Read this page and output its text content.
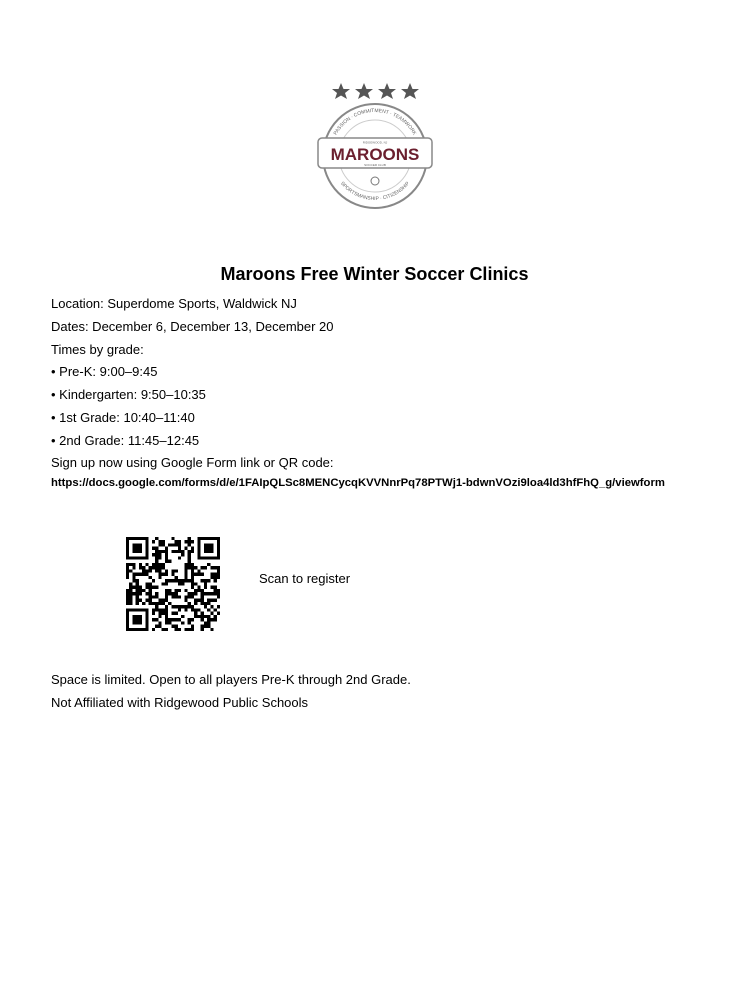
PASSION · COMMITMENT · TEAMWORK
SPORTSMANSHIP · CITIZENSHIP
RIDGEWOOD, NJ
MAROONS
SOCCER CLUB
Maroons Free Winter Soccer Clinics
Location: Superdome Sports, Waldwick NJ
Dates: December 6, December 13, December 20
Times by grade:
• Pre-K: 9:00–9:45
• Kindergarten: 9:50–10:35
• 1st Grade: 10:40–11:40
• 2nd Grade: 11:45–12:45
Sign up now using Google Form link or QR code:
https://docs.google.com/forms/d/e/1FAIpQLSc8MENCycqKVVNnrPq78PTWj1-bdwnVOzi9loa4ld3hfFhQ_g/viewform
Scan to register
Space is limited. Open to all players Pre-K through 2nd Grade.
Not Affiliated with Ridgewood Public Schools
